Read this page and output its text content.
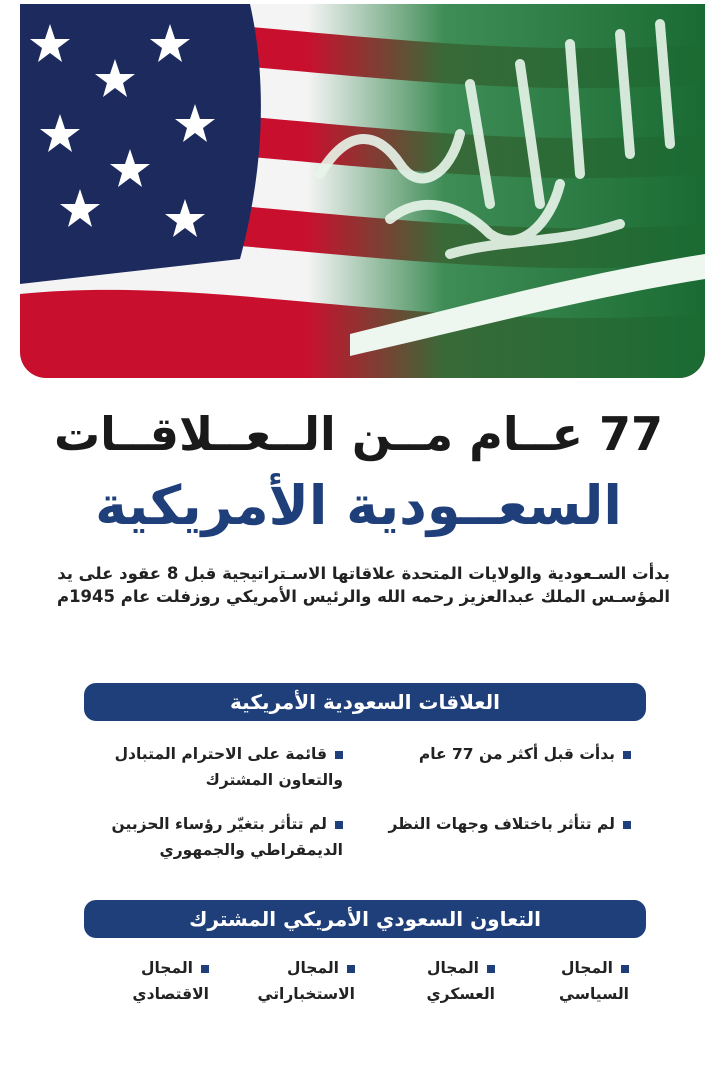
77 عــام مــن الــعــلاقــات
السعــودية الأمريكية

بدأت السـعودية والولايات المتحدة علاقاتها الاسـتراتيجية قبل 8 عقود على يد المؤسـس الملك عبدالعزيز رحمه الله والرئيس الأمريكي روزفلت عام 1945م

العلاقات السعودية الأمريكية
بدأت قبل أكثر من 77 عام
قائمة على الاحترام المتبادل والتعاون المشترك
لم تتأثر باختلاف وجهات النظر
لم تتأثر بتغيّر رؤساء الحزبين الديمقراطي والجمهوري
التعاون السعودي الأمريكي المشترك
المجال السياسي
المجال العسكري
المجال الاستخباراتي
المجال الاقتصادي
